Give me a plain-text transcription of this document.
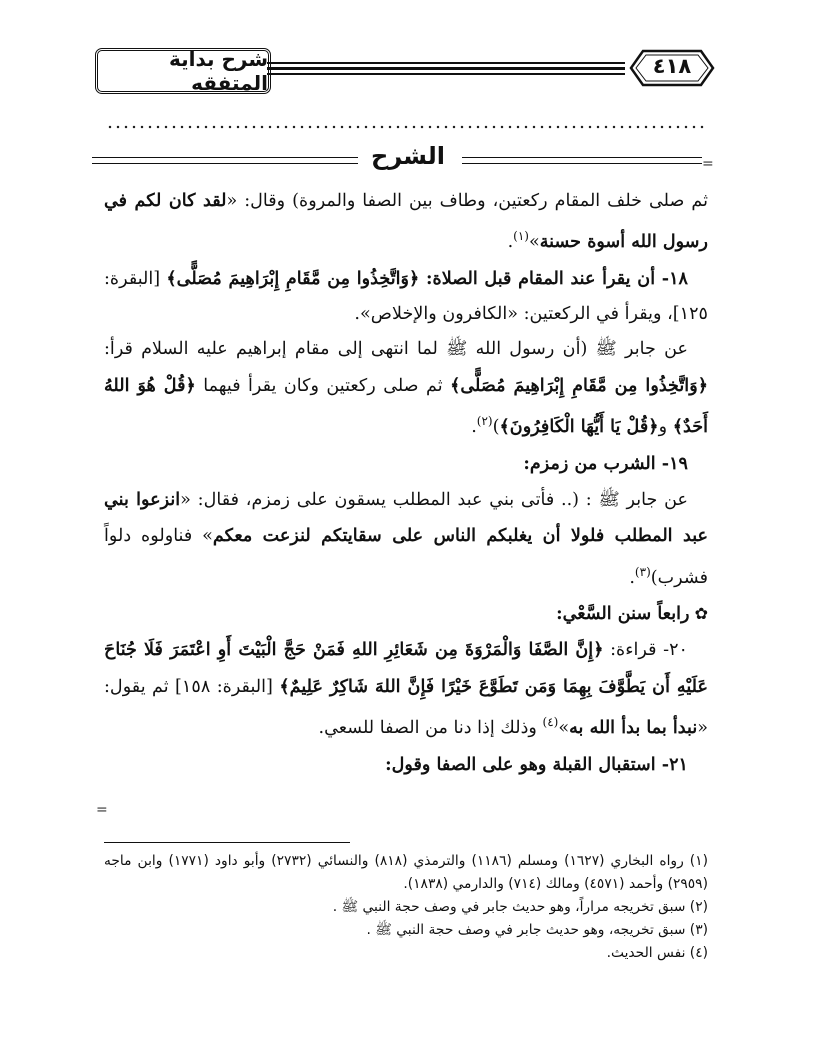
شرح بداية المتفقه
٤١٨
الشرح	=
=

ثم صلى خلف المقام ركعتين، وطاف بين الصفا والمروة) وقال: «لقد كان لكم في رسول الله أسوة حسنة»$^{(١)}$.

١٨- أن يقرأ عند المقام قبل الصلاة: ﴿وَاتَّخِذُوا مِن مَّقَامِ إِبْرَاهِيمَ مُصَلًّى﴾ [البقرة: ١٢٥]، ويقرأ في الركعتين: «الكافرون والإخلاص».

عن جابر ﷺ (أن رسول الله ﷺ لما انتهى إلى مقام إبراهيم عليه السلام قرأ: ﴿وَاتَّخِذُوا مِن مَّقَامِ إِبْرَاهِيمَ مُصَلًّى﴾ ثم صلى ركعتين وكان يقرأ فيهما ﴿قُلْ هُوَ اللهُ أَحَدٌ﴾ و﴿قُلْ يَا أَيُّهَا الْكَافِرُونَ﴾)$^{(٢)}$.

١٩- الشرب من زمزم:

عن جابر ﷺ : (.. فأتى بني عبد المطلب يسقون على زمزم، فقال: «انزعوا بني عبد المطلب فلولا أن يغلبكم الناس على سقايتكم لنزعت معكم» فناولوه دلواً فشرب)$^{(٣)}$.

✿ رابعاً سنن السَّعْي:

٢٠- قراءة: ﴿إِنَّ الصَّفَا وَالْمَرْوَةَ مِن شَعَائِرِ اللهِ فَمَنْ حَجَّ الْبَيْتَ أَوِ اعْتَمَرَ فَلَا جُنَاحَ عَلَيْهِ أَن يَطَّوَّفَ بِهِمَا وَمَن تَطَوَّعَ خَيْرًا فَإِنَّ اللهَ شَاكِرٌ عَلِيمٌ﴾ [البقرة: ١٥٨] ثم يقول: «نبدأ بما بدأ الله به»$^{(٤)}$ وذلك إذا دنا من الصفا للسعي.

٢١- استقبال القبلة وهو على الصفا وقول:

(١) رواه البخاري (١٦٢٧) ومسلم (١١٨٦) والترمذي (٨١٨) والنسائي (٢٧٣٢) وأبو داود (١٧٧١) وابن ماجه (٢٩٥٩) وأحمد (٤٥٧١) ومالك (٧١٤) والدارمي (١٨٣٨).

(٢) سبق تخريجه مراراً، وهو حديث جابر في وصف حجة النبي ﷺ .

(٣) سبق تخريجه، وهو حديث جابر في وصف حجة النبي ﷺ .

(٤) نفس الحديث.
